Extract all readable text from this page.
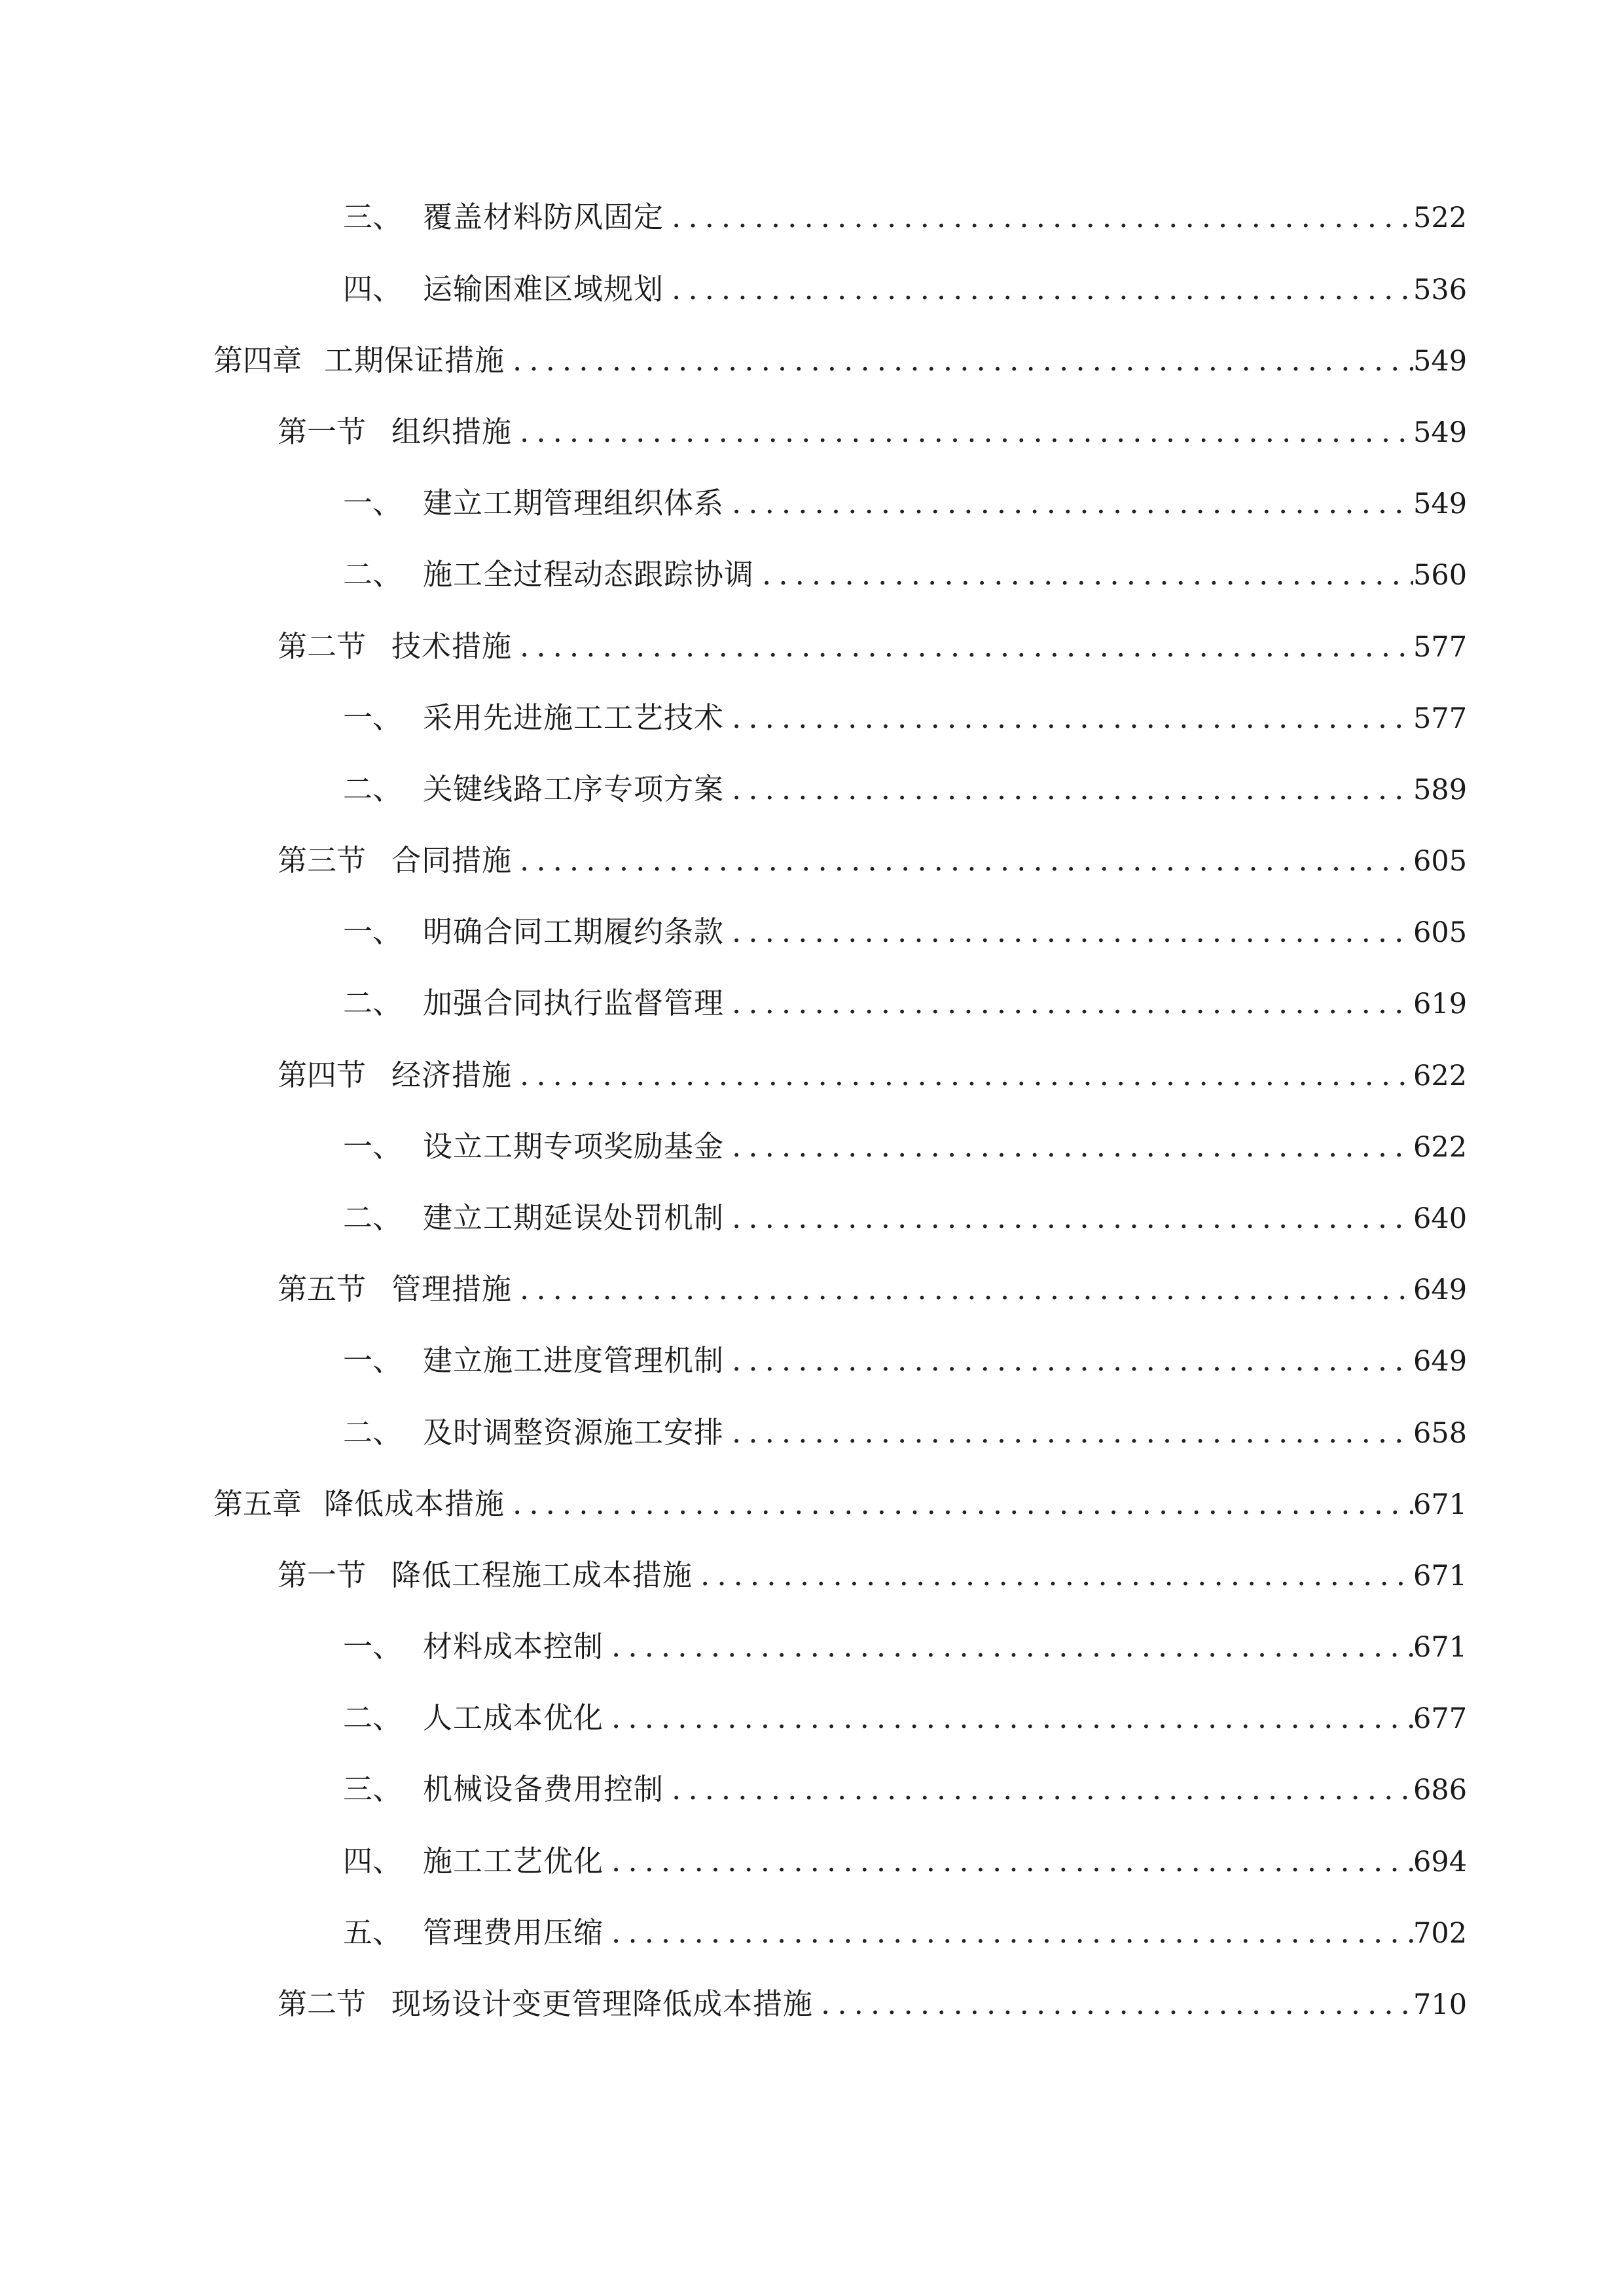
三、 覆盖材料防风固定 .....	522
四、 运输困难区域规划 .....	536
第四章 工期保证措施 .....	549
第一节 组织措施 .....	549
一、 建立工期管理组织体系 .....	549
二、 施工全过程动态跟踪协调 .....	560
第二节 技术措施 .....	577
一、 采用先进施工工艺技术 .....	577
二、 关键线路工序专项方案 .....	589
第三节 合同措施 .....	605
一、 明确合同工期履约条款 .....	605
二、 加强合同执行监督管理 .....	619
第四节 经济措施 .....	622
一、 设立工期专项奖励基金 .....	622
二、 建立工期延误处罚机制 .....	640
第五节 管理措施 .....	649
一、 建立施工进度管理机制 .....	649
二、 及时调整资源施工安排 .....	658
第五章 降低成本措施 .....	671
第一节 降低工程施工成本措施 .....	671
一、 材料成本控制 .....	671
二、 人工成本优化 .....	677
三、 机械设备费用控制 .....	686
四、 施工工艺优化 .....	694
五、 管理费用压缩 .....	702
第二节 现场设计变更管理降低成本措施 .....	710
